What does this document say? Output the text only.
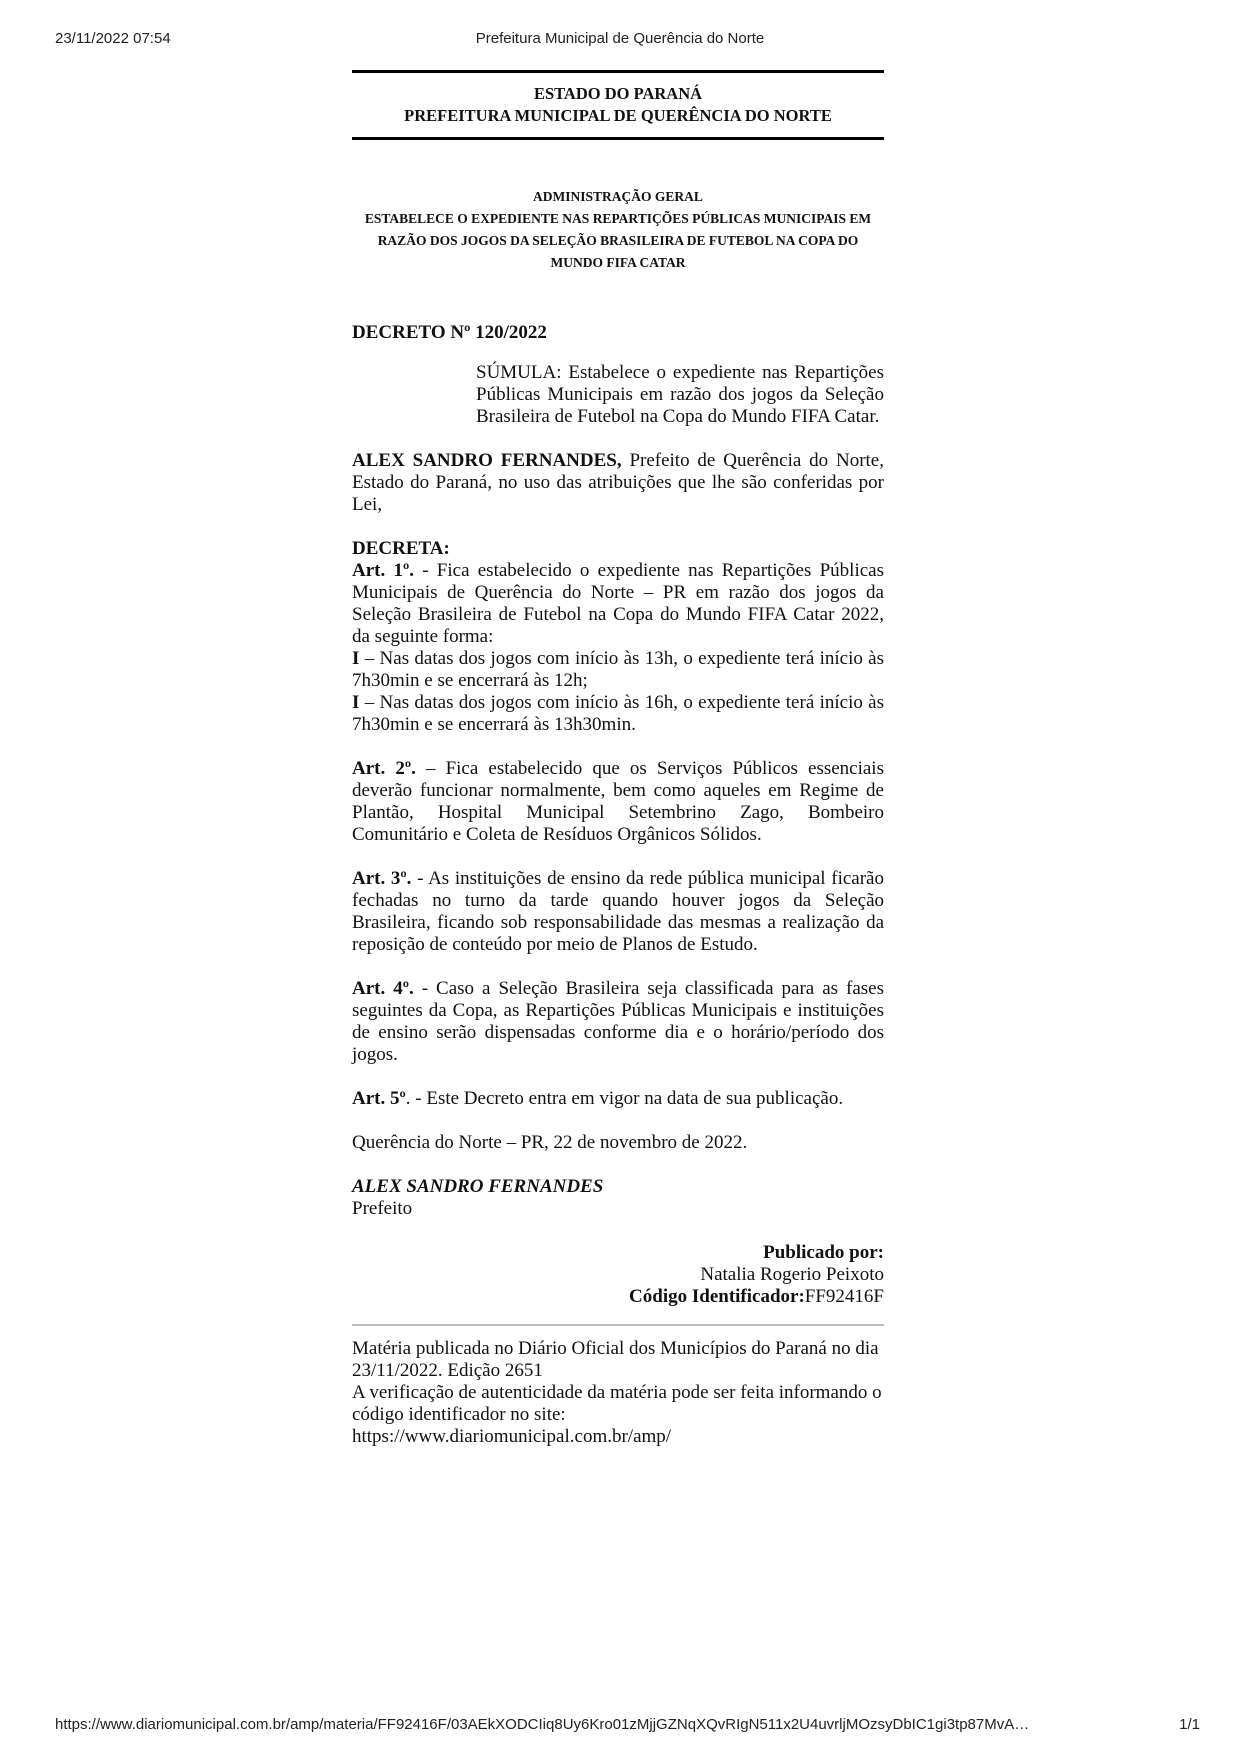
23/11/2022 07:54	Prefeitura Municipal de Querência do Norte
ESTADO DO PARANÁ
PREFEITURA MUNICIPAL DE QUERÊNCIA DO NORTE
ADMINISTRAÇÃO GERAL
ESTABELECE O EXPEDIENTE NAS REPARTIÇÕES PÚBLICAS MUNICIPAIS EM RAZÃO DOS JOGOS DA SELEÇÃO BRASILEIRA DE FUTEBOL NA COPA DO MUNDO FIFA CATAR
DECRETO Nº 120/2022

SÚMULA: Estabelece o expediente nas Repartições Públicas Municipais em razão dos jogos da Seleção Brasileira de Futebol na Copa do Mundo FIFA Catar.

ALEX SANDRO FERNANDES, Prefeito de Querência do Norte, Estado do Paraná, no uso das atribuições que lhe são conferidas por Lei,

DECRETA:

Art. 1º. - Fica estabelecido o expediente nas Repartições Públicas Municipais de Querência do Norte – PR em razão dos jogos da Seleção Brasileira de Futebol na Copa do Mundo FIFA Catar 2022, da seguinte forma:

I – Nas datas dos jogos com início às 13h, o expediente terá início às 7h30min e se encerrará às 12h;

I – Nas datas dos jogos com início às 16h, o expediente terá início às 7h30min e se encerrará às 13h30min.

Art. 2º. – Fica estabelecido que os Serviços Públicos essenciais deverão funcionar normalmente, bem como aqueles em Regime de Plantão, Hospital Municipal Setembrino Zago, Bombeiro Comunitário e Coleta de Resíduos Orgânicos Sólidos.

Art. 3º. - As instituições de ensino da rede pública municipal ficarão fechadas no turno da tarde quando houver jogos da Seleção Brasileira, ficando sob responsabilidade das mesmas a realização da reposição de conteúdo por meio de Planos de Estudo.

Art. 4º. - Caso a Seleção Brasileira seja classificada para as fases seguintes da Copa, as Repartições Públicas Municipais e instituições de ensino serão dispensadas conforme dia e o horário/período dos jogos.

Art. 5º. - Este Decreto entra em vigor na data de sua publicação.

Querência do Norte – PR, 22 de novembro de 2022.

ALEX SANDRO FERNANDES

Prefeito

Publicado por:

Natalia Rogerio Peixoto

Código Identificador:FF92416F

Matéria publicada no Diário Oficial dos Municípios do Paraná no dia 23/11/2022. Edição 2651
A verificação de autenticidade da matéria pode ser feita informando o código identificador no site:
https://www.diariomunicipal.com.br/amp/
https://www.diariomunicipal.com.br/amp/materia/FF92416F/03AEkXODCIiq8Uy6Kro01zMjjGZNqXQvRIgN511x2U4uvrljMOzsyDbIC1gi3tp87MvA…	1/1
